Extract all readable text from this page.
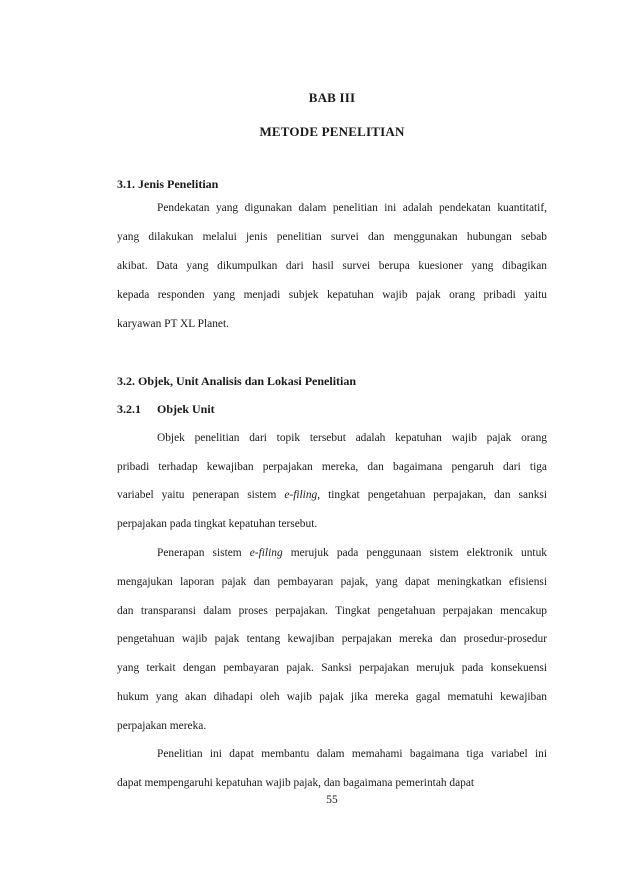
BAB III
METODE PENELITIAN
3.1. Jenis Penelitian
Pendekatan yang digunakan dalam penelitian ini adalah pendekatan kuantitatif,
yang dilakukan melalui jenis penelitian survei dan menggunakan hubungan sebab
akibat. Data yang dikumpulkan dari hasil survei berupa kuesioner yang dibagikan
kepada responden yang menjadi subjek kepatuhan wajib pajak orang pribadi yaitu
karyawan PT XL Planet.
3.2. Objek, Unit Analisis dan Lokasi Penelitian
3.2.1 Objek Unit
Objek penelitian dari topik tersebut adalah kepatuhan wajib pajak orang
pribadi terhadap kewajiban perpajakan mereka, dan bagaimana pengaruh dari tiga
variabel yaitu penerapan sistem e-filing, tingkat pengetahuan perpajakan, dan sanksi
perpajakan pada tingkat kepatuhan tersebut.
Penerapan sistem e-filing merujuk pada penggunaan sistem elektronik untuk
mengajukan laporan pajak dan pembayaran pajak, yang dapat meningkatkan efisiensi
dan transparansi dalam proses perpajakan. Tingkat pengetahuan perpajakan mencakup
pengetahuan wajib pajak tentang kewajiban perpajakan mereka dan prosedur-prosedur
yang terkait dengan pembayaran pajak. Sanksi perpajakan merujuk pada konsekuensi
hukum yang akan dihadapi oleh wajib pajak jika mereka gagal mematuhi kewajiban
perpajakan mereka.
Penelitian ini dapat membantu dalam memahami bagaimana tiga variabel ini
dapat mempengaruhi kepatuhan wajib pajak, dan bagaimana pemerintah dapat
55
